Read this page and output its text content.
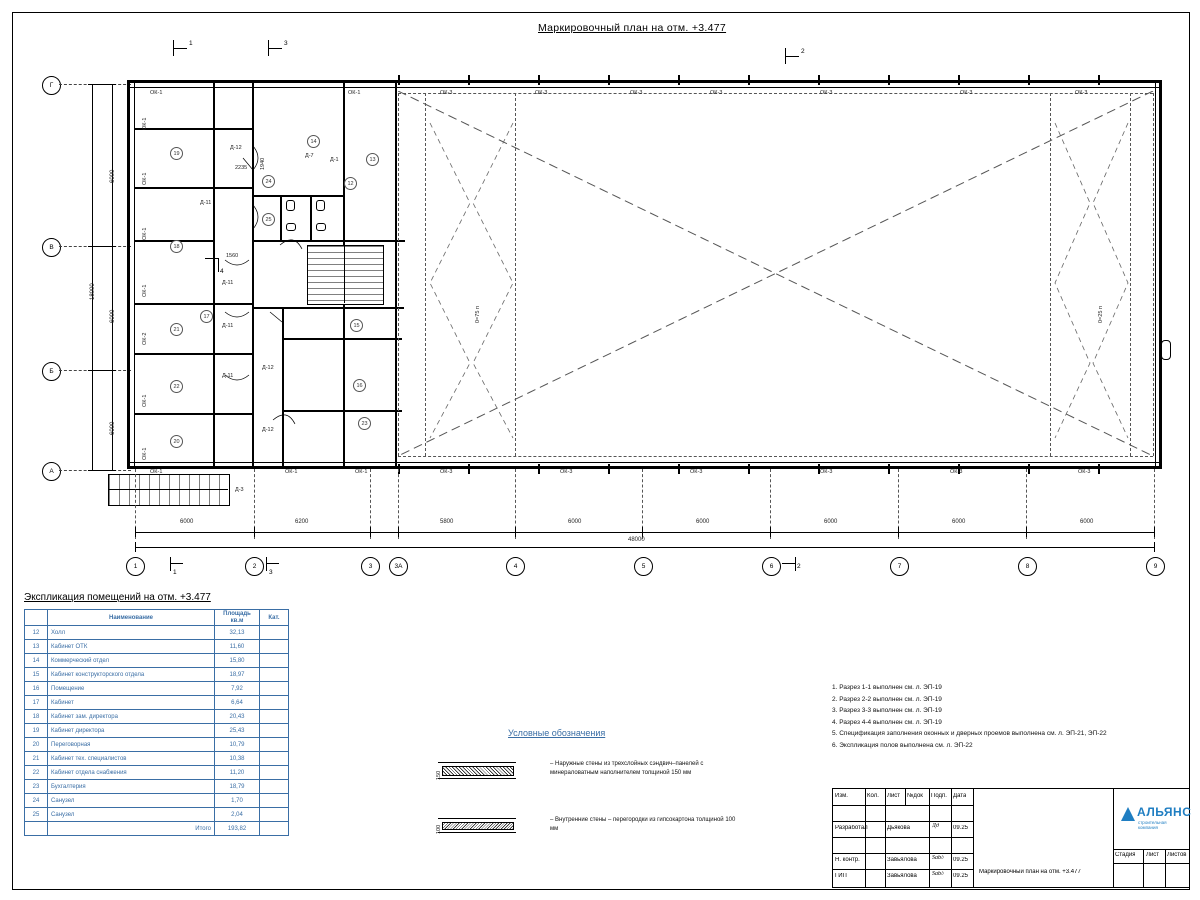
Маркировочный план на отм. +3.477
1	3
2
4
Г
В
Б
А
6000
6000
6000
18000
0=75 п	0=25 п
6000	6200	5800	6000	6000	6000	6000	6000
48000
1	2	3	3А	4	5	6	7	8	9
1	3
2
ОК-1	ОК-1	ОК-3	ОК-3	ОК-3	ОК-3	ОК-3	ОК-3	ОК-3
ОК-1	ОК-1	ОК-1	ОК-3	ОК-3	ОК-3	ОК-3	ОК-3	ОК-3
ОК-1
ОК-1
ОК-1
ОК-1
ОК-2
ОК-1
ОК-1
Д-12
Д-7
Д-1
Д-11
Д-11
Д-11
Д-11
Д-12
Д-12
Д-3
2235 1940
1560
12
13
14
15
16
17
18
19
20
21
22
23
24
25
Экспликация помещений на отм. +3.477
	Наименование	Площадь кв.м	Кат.
12	Холл	32,13	
13	Кабинет ОТК	11,60	
14	Коммерческий отдел	15,80	
15	Кабинет конструкторского отдела	18,97	
16	Помещение	7,92	
17	Кабинет	6,64	
18	Кабинет зам. директора	20,43	
19	Кабинет директора	25,43	
20	Переговорная	10,79	
21	Кабинет тех. специалистов	10,38	
22	Кабинет отдела снабжения	11,20	
23	Бухгалтерия	18,79	
24	Санузел	1,70	
25	Санузел	2,04	
	Итого	193,82	
Условные обозначения
150
– Наружные стены из трехслойных сэндвич–панелей с минераловатным наполнителем толщиной 150 мм
100
– Внутренние стены – перегородки из гипсокартона толщиной 100 мм
1. Разрез 1-1 выполнен см. л. ЭП-19
2. Разрез 2-2 выполнен см. л. ЭП-19
3. Разрез 3-3 выполнен см. л. ЭП-19
4. Разрез 4-4 выполнен см. л. ЭП-19
5. Спецификация заполнения оконных и дверных проемов выполнена см. л. ЭП-21, ЭП-22
6. Экспликация полов выполнена см. л. ЭП-22
Изм.	Кол. Лист №док Подп. Дата
Разработал	Дьякова	Дд 09.25
Н. контр.	Завьялова	Sab// 09.25
ГИП	Завьялова	Sab// 09.25
Маркировочный план на отм. +3.477
Стадия Лист Листов
АЛЬЯНС
строительная компания
